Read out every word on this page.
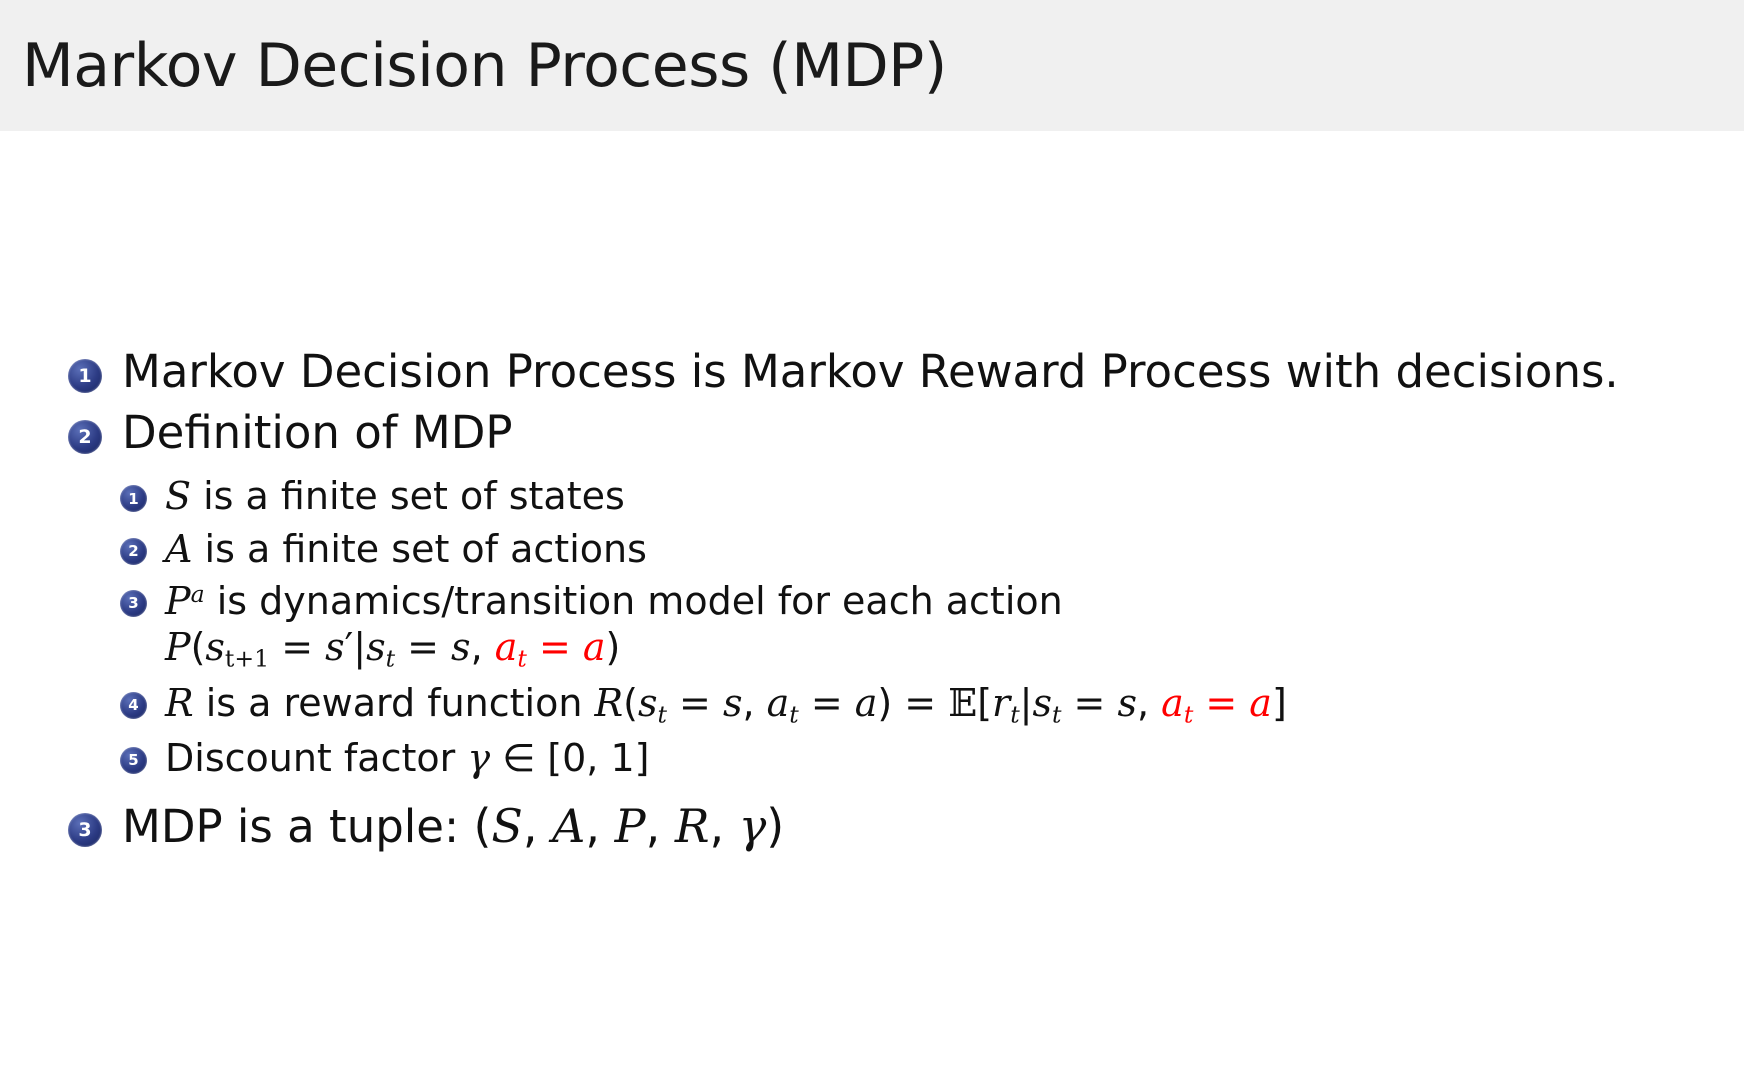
Markov Decision Process (MDP)
1 Markov Decision Process is Markov Reward Process with decisions.
2 Definition of MDP
1 S is a finite set of states
2 A is a finite set of actions
3 $P^a$ is dynamics/transition model for each action
$P(s_{t+1} = s'|s_t = s$, $a_t = a$)
4 R is a reward function $R(s_t = s$, $a_t = a$) = $𝔼[r_t|s_t = s$, $a_t = a$]
5 Discount factor γ ∈ [0, 1]
3 MDP is a tuple: (S, A, P, R, γ)
